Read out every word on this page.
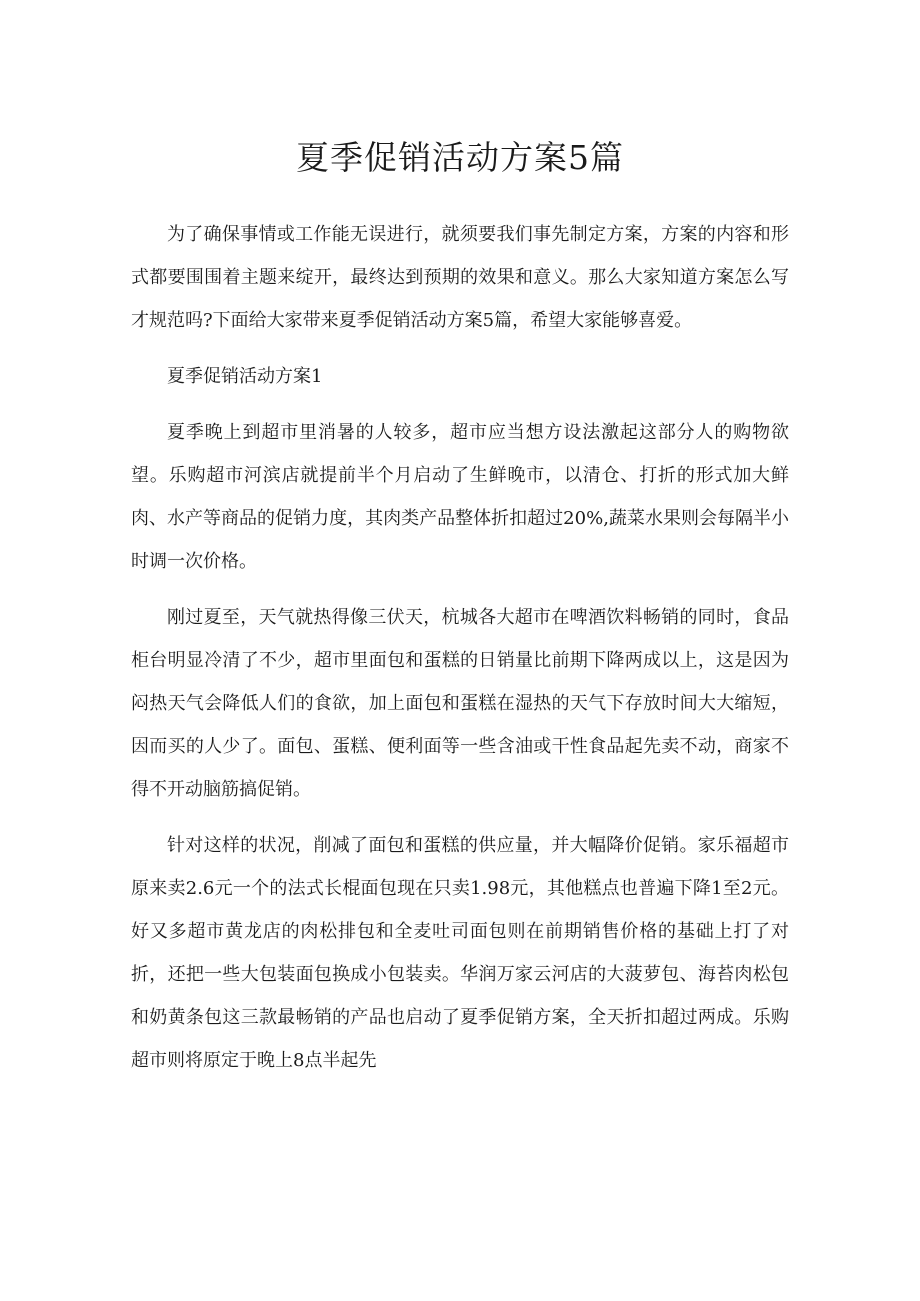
夏季促销活动方案5篇

为了确保事情或工作能无误进行，就须要我们事先制定方案，方案的内容和形式都要围围着主题来绽开，最终达到预期的效果和意义。那么大家知道方案怎么写才规范吗?下面给大家带来夏季促销活动方案5篇，希望大家能够喜爱。

夏季促销活动方案1

夏季晚上到超市里消暑的人较多，超市应当想方设法激起这部分人的购物欲望。乐购超市河滨店就提前半个月启动了生鲜晚市，以清仓、打折的形式加大鲜肉、水产等商品的促销力度，其肉类产品整体折扣超过20%,蔬菜水果则会每隔半小时调一次价格。

刚过夏至，天气就热得像三伏天，杭城各大超市在啤酒饮料畅销的同时，食品柜台明显冷清了不少，超市里面包和蛋糕的日销量比前期下降两成以上，这是因为闷热天气会降低人们的食欲，加上面包和蛋糕在湿热的天气下存放时间大大缩短，因而买的人少了。面包、蛋糕、便利面等一些含油或干性食品起先卖不动，商家不得不开动脑筋搞促销。

针对这样的状况，削减了面包和蛋糕的供应量，并大幅降价促销。家乐福超市原来卖2.6元一个的法式长棍面包现在只卖1.98元，其他糕点也普遍下降1至2元。好又多超市黄龙店的肉松排包和全麦吐司面包则在前期销售价格的基础上打了对折，还把一些大包装面包换成小包装卖。华润万家云河店的大菠萝包、海苔肉松包和奶黄条包这三款最畅销的产品也启动了夏季促销方案，全天折扣超过两成。乐购超市则将原定于晚上8点半起先
